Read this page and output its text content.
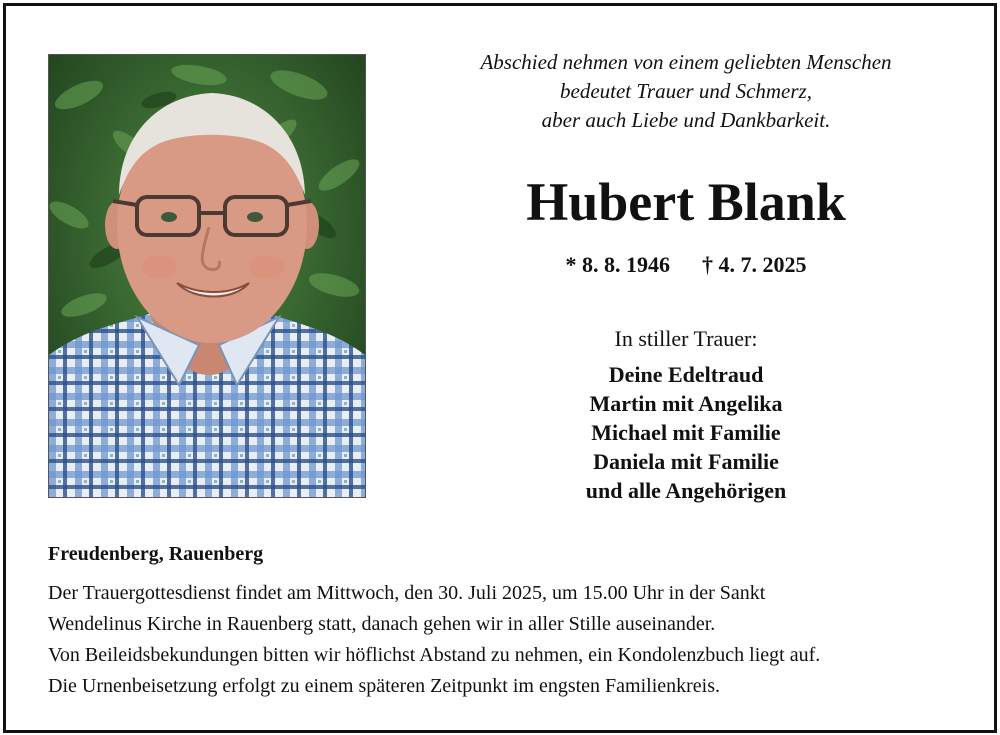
Abschied nehmen von einem geliebten Menschen
bedeutet Trauer und Schmerz,
aber auch Liebe und Dankbarkeit.
Hubert Blank
* 8. 8. 1946 † 4. 7. 2025
In stiller Trauer:
Deine Edeltraud
Martin mit Angelika
Michael mit Familie
Daniela mit Familie
und alle Angehörigen
Freudenberg, Rauenberg
Der Trauergottesdienst findet am Mittwoch, den 30. Juli 2025, um 15.00 Uhr in der Sankt
Wendelinus Kirche in Rauenberg statt, danach gehen wir in aller Stille auseinander.
Von Beileidsbekundungen bitten wir höflichst Abstand zu nehmen, ein Kondolenzbuch liegt auf.
Die Urnenbeisetzung erfolgt zu einem späteren Zeitpunkt im engsten Familienkreis.
